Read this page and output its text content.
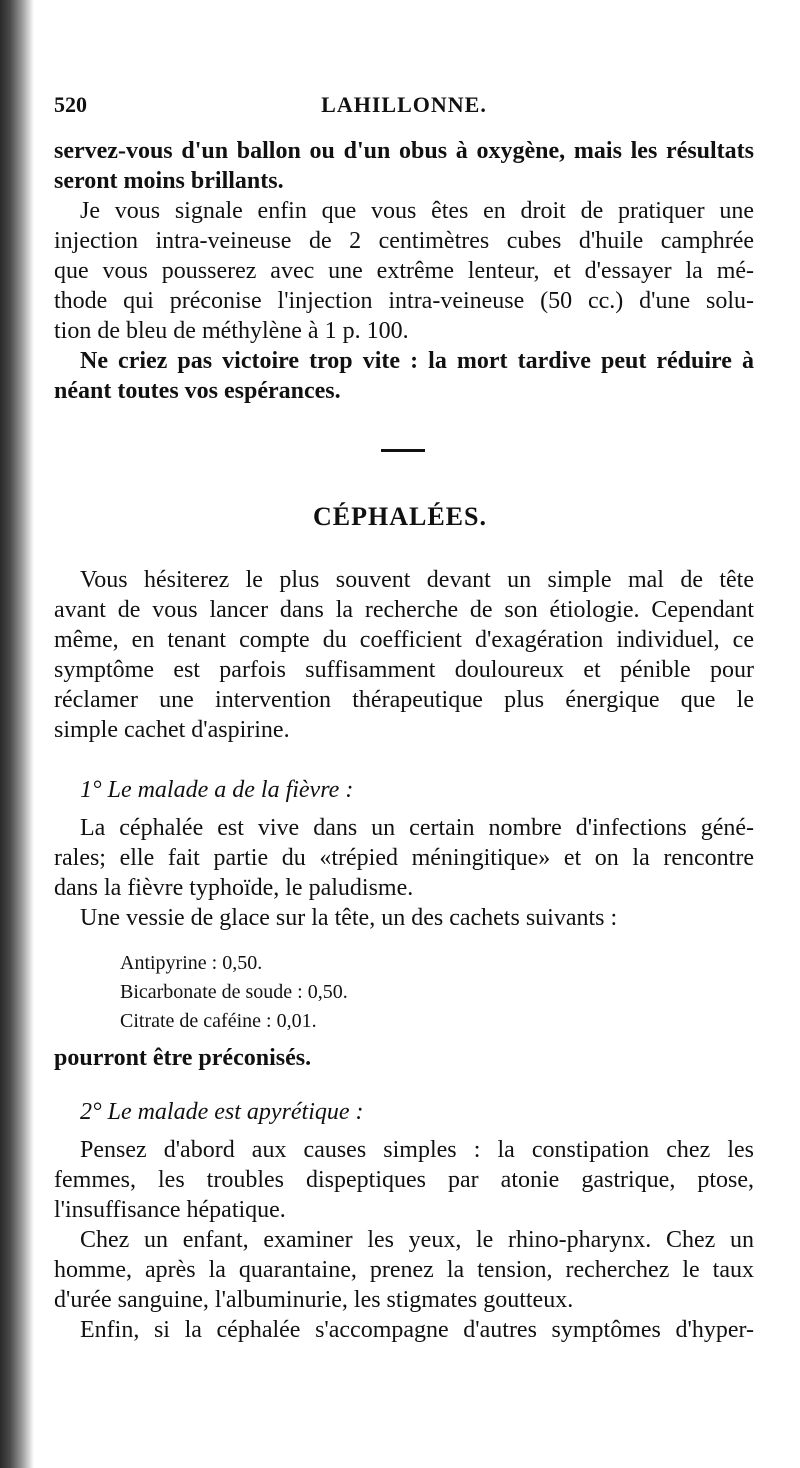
520	LAHILLONNE.
servez-vous d'un ballon ou d'un obus à oxygène, mais les résultats
seront moins brillants.
Je vous signale enfin que vous êtes en droit de pratiquer une
injection intra-veineuse de 2 centimètres cubes d'huile camphrée
que vous pousserez avec une extrême lenteur, et d'essayer la mé-
thode qui préconise l'injection intra-veineuse (50 cc.) d'une solu-
tion de bleu de méthylène à 1 p. 100.
Ne criez pas victoire trop vite : la mort tardive peut réduire à
néant toutes vos espérances.
CÉPHALÉES.
Vous hésiterez le plus souvent devant un simple mal de tête
avant de vous lancer dans la recherche de son étiologie. Cependant
même, en tenant compte du coefficient d'exagération individuel, ce
symptôme est parfois suffisamment douloureux et pénible pour
réclamer une intervention thérapeutique plus énergique que le
simple cachet d'aspirine.
1° Le malade a de la fièvre :
La céphalée est vive dans un certain nombre d'infections géné-
rales; elle fait partie du «trépied méningitique» et on la rencontre
dans la fièvre typhoïde, le paludisme.
Une vessie de glace sur la tête, un des cachets suivants :
Antipyrine : 0,50.
Bicarbonate de soude : 0,50.
Citrate de caféine : 0,01.
pourront être préconisés.
2° Le malade est apyrétique :
Pensez d'abord aux causes simples : la constipation chez les
femmes, les troubles dispeptiques par atonie gastrique, ptose,
l'insuffisance hépatique.
Chez un enfant, examiner les yeux, le rhino-pharynx. Chez un
homme, après la quarantaine, prenez la tension, recherchez le taux
d'urée sanguine, l'albuminurie, les stigmates goutteux.
Enfin, si la céphalée s'accompagne d'autres symptômes d'hyper-
